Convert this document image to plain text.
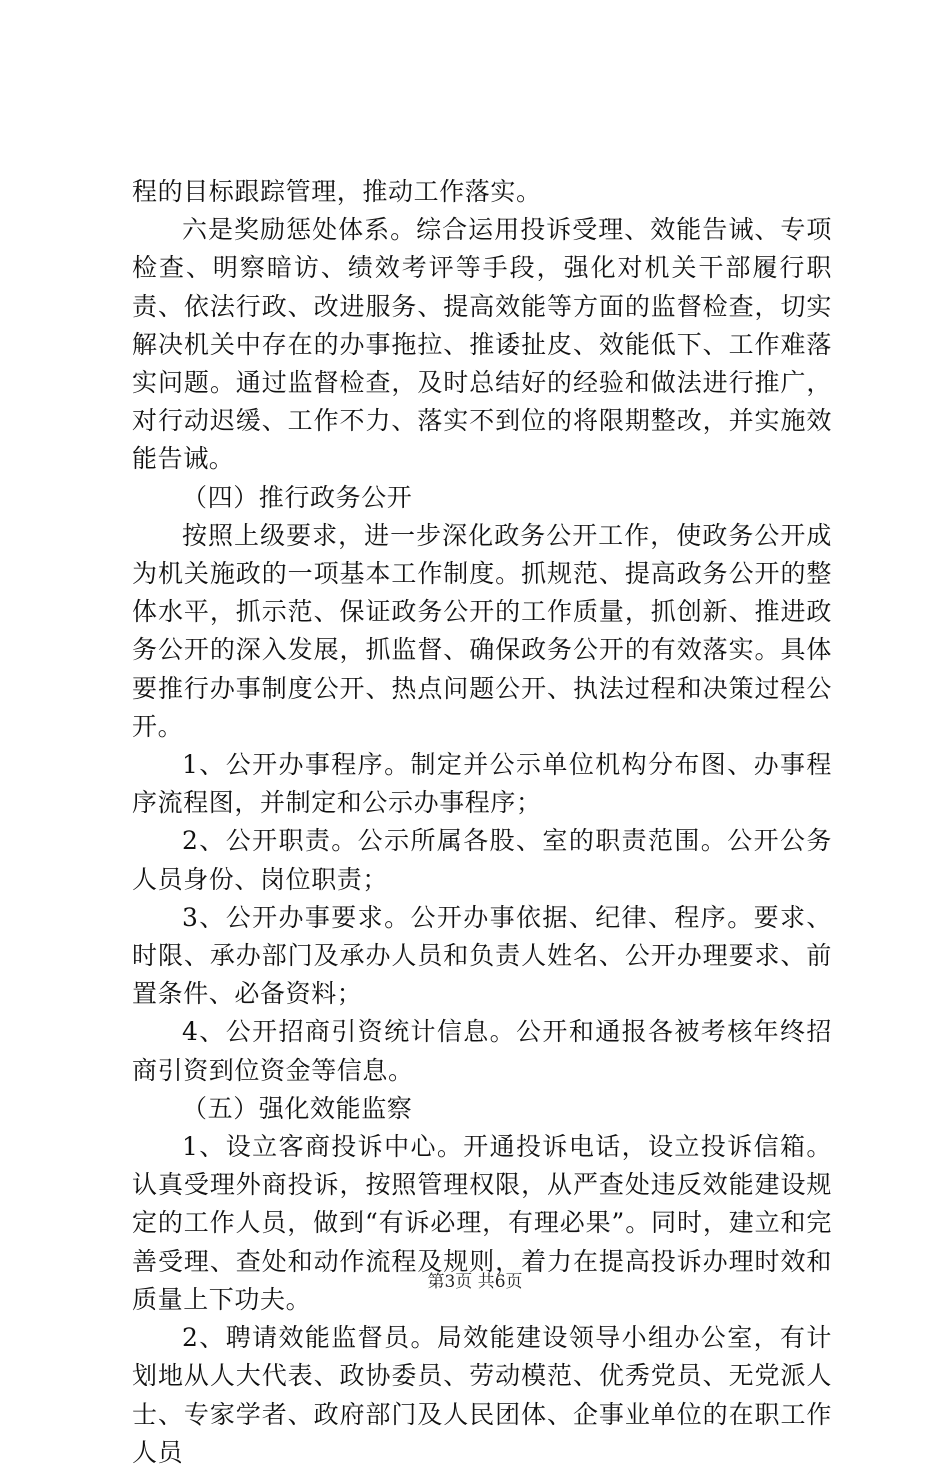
程的目标跟踪管理，推动工作落实。

六是奖励惩处体系。综合运用投诉受理、效能告诫、专项检查、明察暗访、绩效考评等手段，强化对机关干部履行职责、依法行政、改进服务、提高效能等方面的监督检查，切实解决机关中存在的办事拖拉、推诿扯皮、效能低下、工作难落实问题。通过监督检查，及时总结好的经验和做法进行推广，对行动迟缓、工作不力、落实不到位的将限期整改，并实施效能告诫。

（四）推行政务公开

按照上级要求，进一步深化政务公开工作，使政务公开成为机关施政的一项基本工作制度。抓规范、提高政务公开的整体水平，抓示范、保证政务公开的工作质量，抓创新、推进政务公开的深入发展，抓监督、确保政务公开的有效落实。具体要推行办事制度公开、热点问题公开、执法过程和决策过程公开。

1、公开办事程序。制定并公示单位机构分布图、办事程序流程图，并制定和公示办事程序；

2、公开职责。公示所属各股、室的职责范围。公开公务人员身份、岗位职责；

3、公开办事要求。公开办事依据、纪律、程序。要求、时限、承办部门及承办人员和负责人姓名、公开办理要求、前置条件、必备资料；

4、公开招商引资统计信息。公开和通报各被考核年终招商引资到位资金等信息。

（五）强化效能监察

1、设立客商投诉中心。开通投诉电话，设立投诉信箱。认真受理外商投诉，按照管理权限，从严查处违反效能建设规定的工作人员，做到“有诉必理，有理必果”。同时，建立和完善受理、查处和动作流程及规则，着力在提高投诉办理时效和质量上下功夫。

2、聘请效能监督员。局效能建设领导小组办公室，有计划地从人大代表、政协委员、劳动模范、优秀党员、无党派人士、专家学者、政府部门及人民团体、企事业单位的在职工作人员

第3页 共6页
